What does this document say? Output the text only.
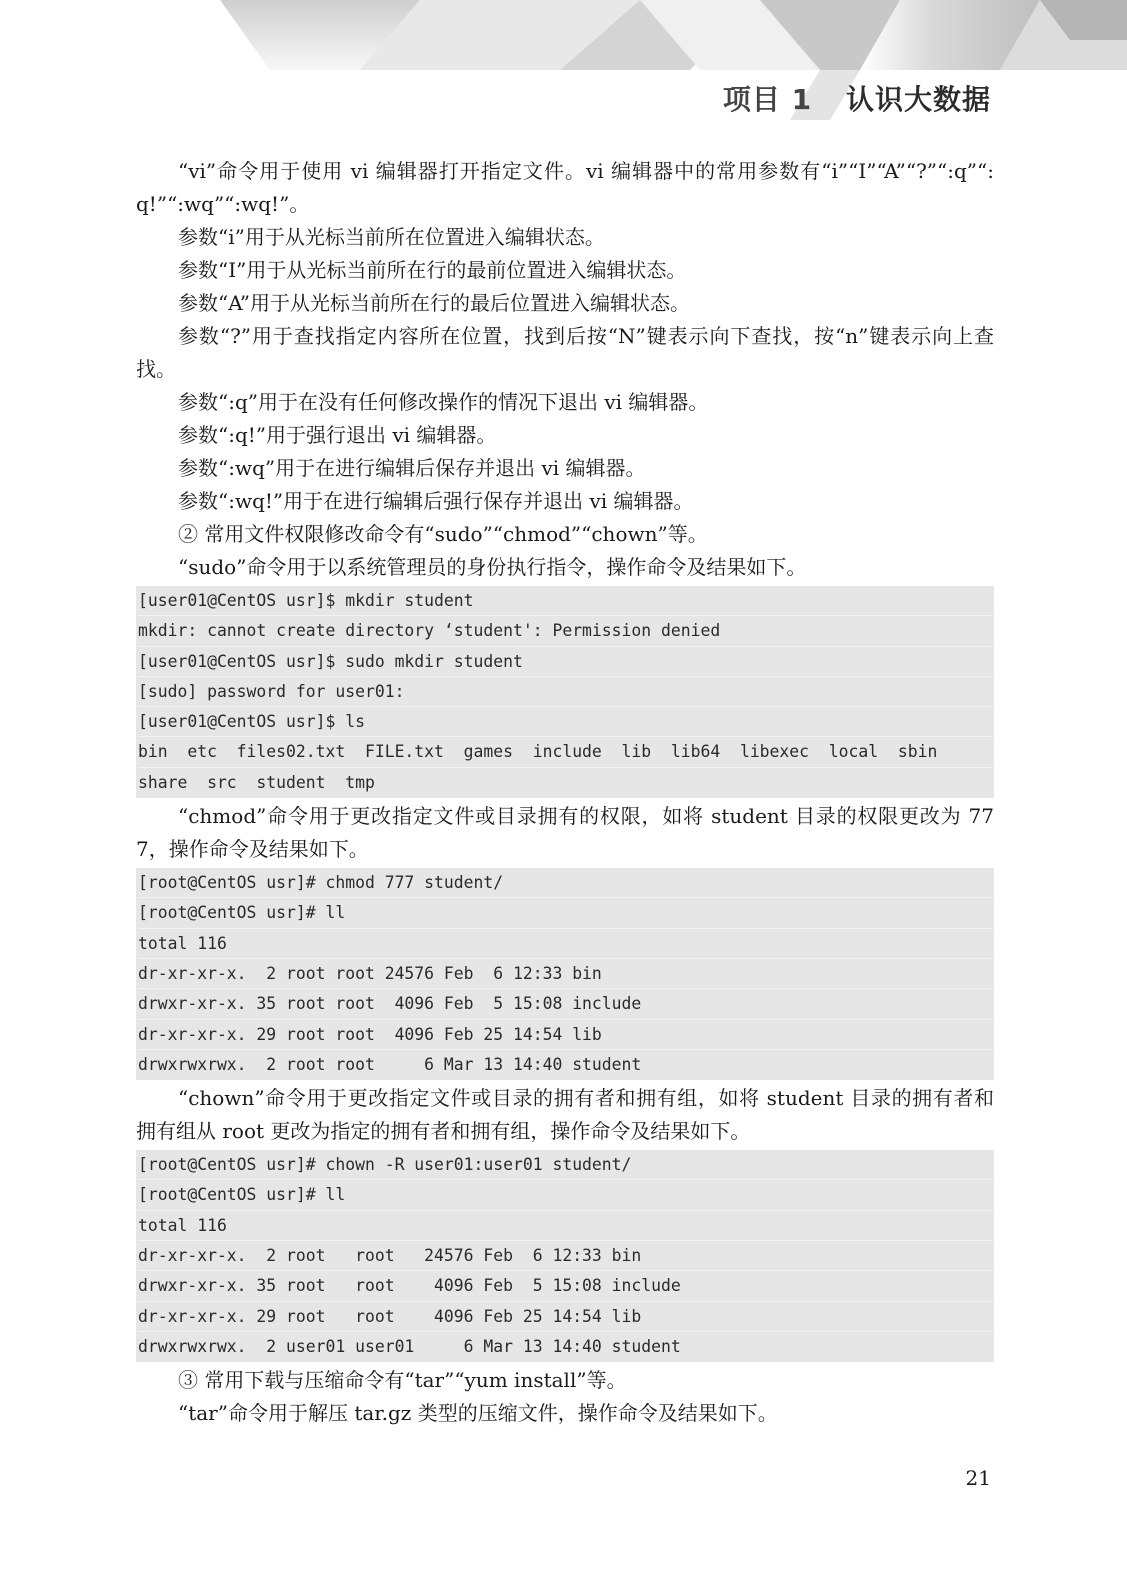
项目 1 认识大数据

“vi”命令用于使用 vi 编辑器打开指定文件。vi 编辑器中的常用参数有“i”“I”“A”“?”“:q”“:q!”“:wq”“:wq!”。

参数“i”用于从光标当前所在位置进入编辑状态。

参数“I”用于从光标当前所在行的最前位置进入编辑状态。

参数“A”用于从光标当前所在行的最后位置进入编辑状态。

参数“?”用于查找指定内容所在位置，找到后按“N”键表示向下查找，按“n”键表示向上查找。

参数“:q”用于在没有任何修改操作的情况下退出 vi 编辑器。

参数“:q!”用于强行退出 vi 编辑器。

参数“:wq”用于在进行编辑后保存并退出 vi 编辑器。

参数“:wq!”用于在进行编辑后强行保存并退出 vi 编辑器。

② 常用文件权限修改命令有“sudo”“chmod”“chown”等。

“sudo”命令用于以系统管理员的身份执行指令，操作命令及结果如下。

[user01@CentOS usr]$ mkdir student
mkdir: cannot create directory ‘student': Permission denied
[user01@CentOS usr]$ sudo mkdir student
[sudo] password for user01:
[user01@CentOS usr]$ ls
bin  etc  files02.txt  FILE.txt  games  include  lib  lib64  libexec  local  sbin
share  src  student  tmp

“chmod”命令用于更改指定文件或目录拥有的权限，如将 student 目录的权限更改为 777，操作命令及结果如下。

[root@CentOS usr]# chmod 777 student/
[root@CentOS usr]# ll
total 116
dr-xr-xr-x.  2 root root 24576 Feb  6 12:33 bin
drwxr-xr-x. 35 root root  4096 Feb  5 15:08 include
dr-xr-xr-x. 29 root root  4096 Feb 25 14:54 lib
drwxrwxrwx.  2 root root     6 Mar 13 14:40 student

“chown”命令用于更改指定文件或目录的拥有者和拥有组，如将 student 目录的拥有者和拥有组从 root 更改为指定的拥有者和拥有组，操作命令及结果如下。

[root@CentOS usr]# chown -R user01:user01 student/
[root@CentOS usr]# ll
total 116
dr-xr-xr-x.  2 root   root   24576 Feb  6 12:33 bin
drwxr-xr-x. 35 root   root    4096 Feb  5 15:08 include
dr-xr-xr-x. 29 root   root    4096 Feb 25 14:54 lib
drwxrwxrwx.  2 user01 user01     6 Mar 13 14:40 student

③ 常用下载与压缩命令有“tar”“yum install”等。

“tar”命令用于解压 tar.gz 类型的压缩文件，操作命令及结果如下。

21
